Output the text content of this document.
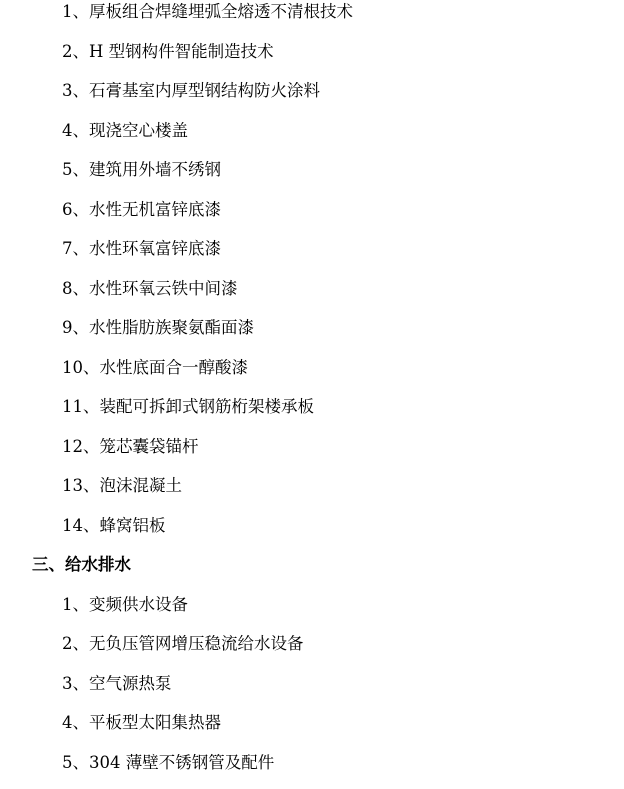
1、厚板组合焊缝埋弧全熔透不清根技术
2、H 型钢构件智能制造技术
3、石膏基室内厚型钢结构防火涂料
4、现浇空心楼盖
5、建筑用外墙不绣钢
6、水性无机富锌底漆
7、水性环氧富锌底漆
8、水性环氧云铁中间漆
9、水性脂肪族聚氨酯面漆
10、水性底面合一醇酸漆
11、装配可拆卸式钢筋桁架楼承板
12、笼芯囊袋锚杆
13、泡沫混凝土
14、蜂窝铝板
三、给水排水
1、变频供水设备
2、无负压管网增压稳流给水设备
3、空气源热泵
4、平板型太阳集热器
5、304 薄壁不锈钢管及配件
